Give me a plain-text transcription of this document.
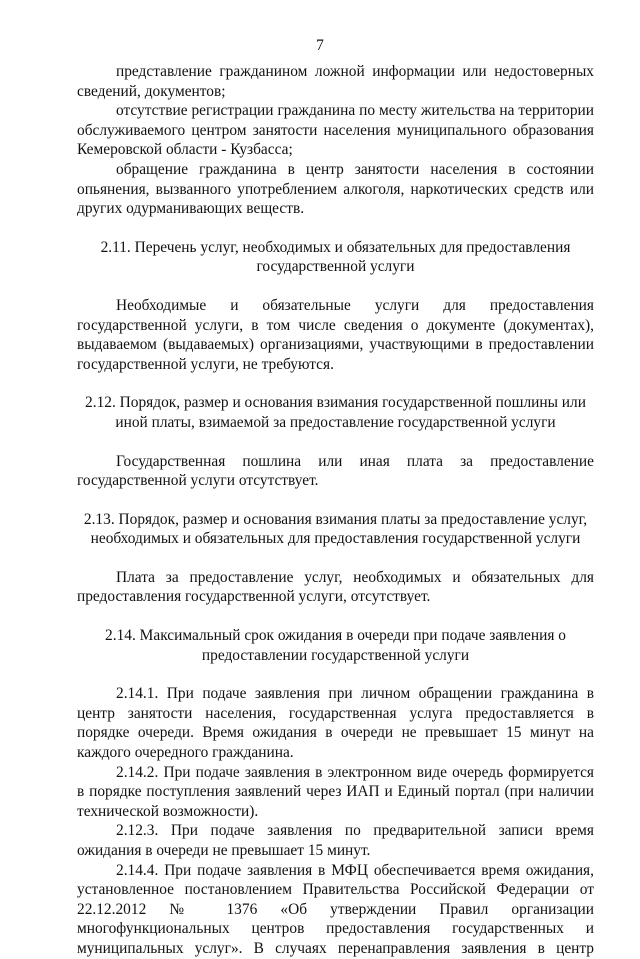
7

представление гражданином ложной информации или недостоверных сведений, документов;

отсутствие регистрации гражданина по месту жительства на территории обслуживаемого центром занятости населения муниципального образования Кемеровской области - Кузбасса;

обращение гражданина в центр занятости населения в состоянии опьянения, вызванного употреблением алкоголя, наркотических средств или других одурманивающих веществ.

2.11. Перечень услуг, необходимых и обязательных для предоставления государственной услуги

Необходимые и обязательные услуги для предоставления государственной услуги, в том числе сведения о документе (документах), выдаваемом (выдаваемых) организациями, участвующими в предоставлении государственной услуги, не требуются.

2.12. Порядок, размер и основания взимания государственной пошлины или иной платы, взимаемой за предоставление государственной услуги

Государственная пошлина или иная плата за предоставление государственной услуги отсутствует.

2.13. Порядок, размер и основания взимания платы за предоставление услуг, необходимых и обязательных для предоставления государственной услуги

Плата за предоставление услуг, необходимых и обязательных для предоставления государственной услуги, отсутствует.

2.14. Максимальный срок ожидания в очереди при подаче заявления о предоставлении государственной услуги

2.14.1. При подаче заявления при личном обращении гражданина в центр занятости населения, государственная услуга предоставляется в порядке очереди. Время ожидания в очереди не превышает 15 минут на каждого очередного гражданина.

2.14.2. При подаче заявления в электронном виде очередь формируется в порядке поступления заявлений через ИАП и Единый портал (при наличии технической возможности).

2.12.3. При подаче заявления по предварительной записи время ожидания в очереди не превышает 15 минут.

2.14.4. При подаче заявления в МФЦ обеспечивается время ожидания, установленное постановлением Правительства Российской Федерации от 22.12.2012 № 1376 «Об утверждении Правил организации многофункциональных центров предоставления государственных и муниципальных услуг». В случаях перенаправления заявления в центр
